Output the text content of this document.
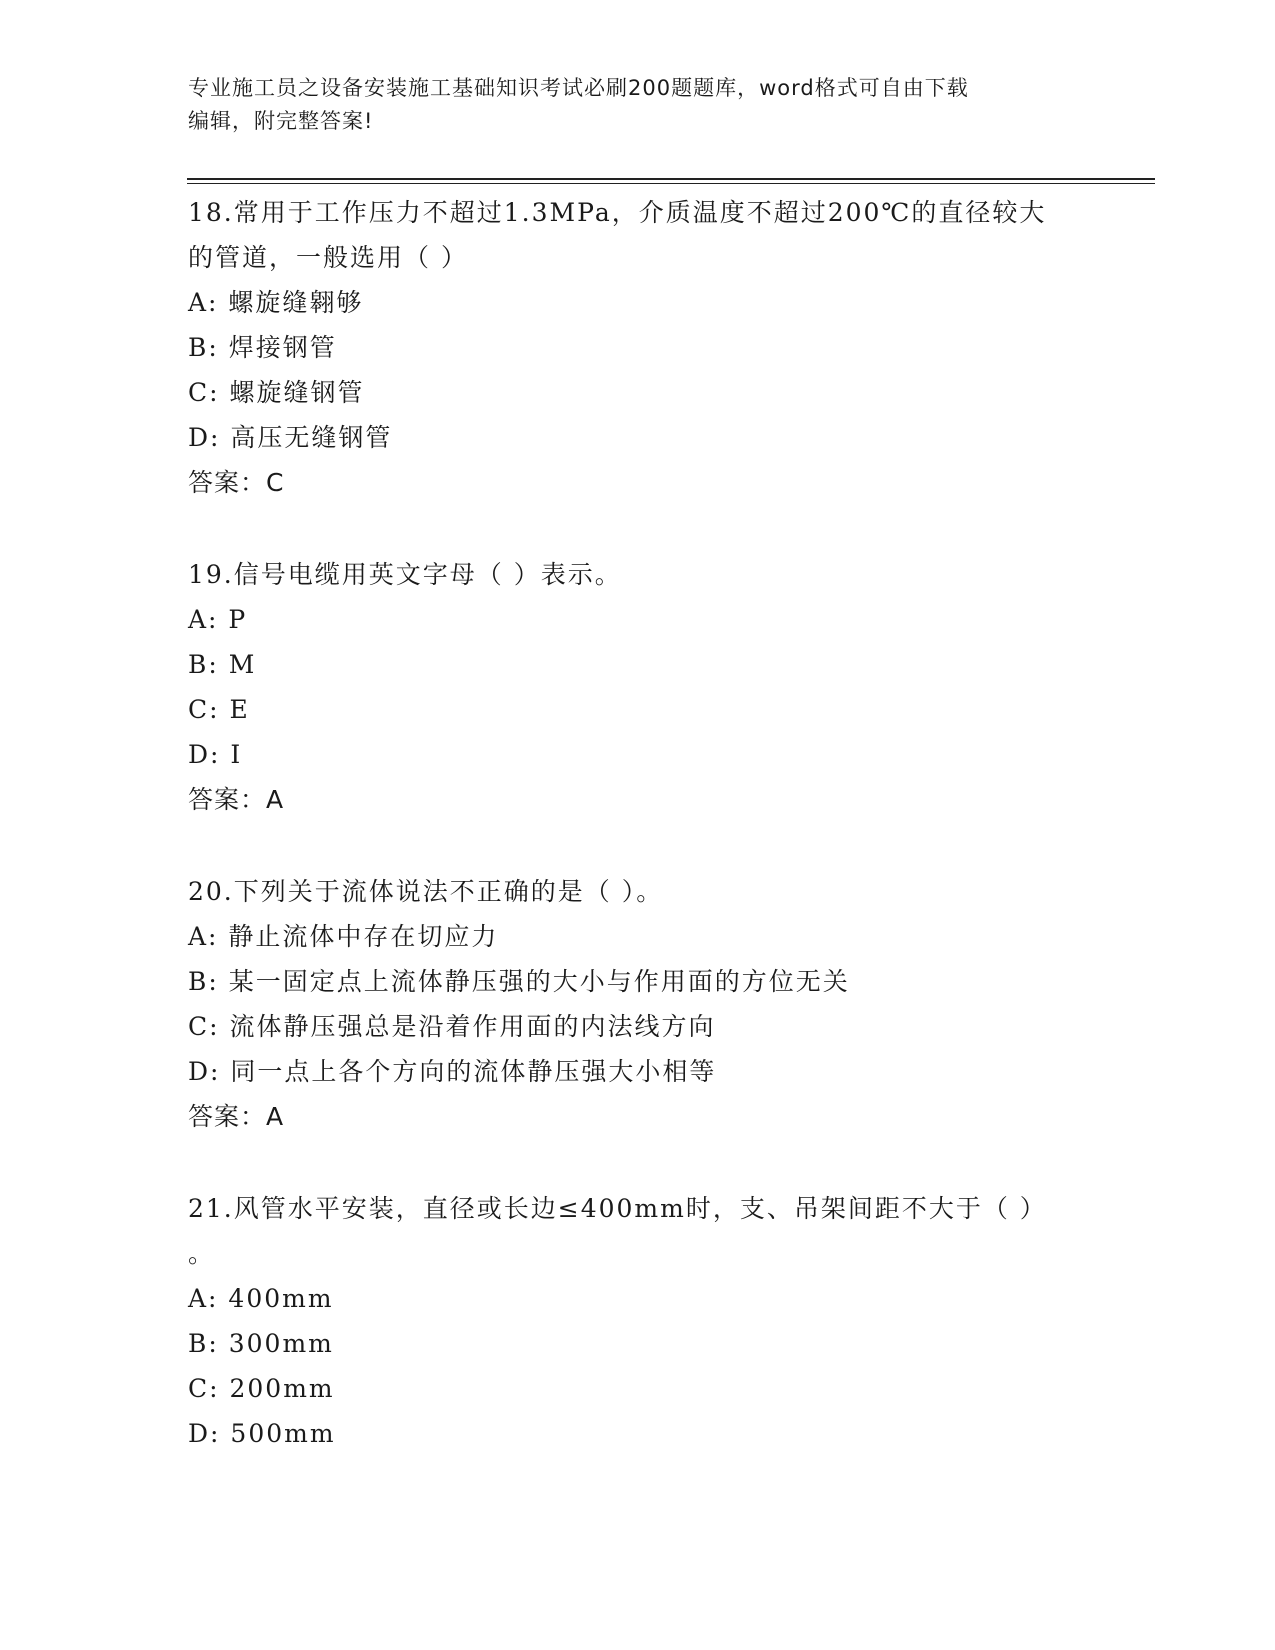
专业施工员之设备安装施工基础知识考试必刷200题题库，word格式可自由下载
编辑，附完整答案!
18.常用于工作压力不超过1.3MPa，介质温度不超过200℃的直径较大
的管道，一般选用（ ）
A: 螺旋缝翱够
B: 焊接钢管
C: 螺旋缝钢管
D: 高压无缝钢管
答案：C
19.信号电缆用英文字母（ ）表示。
A: P
B: M
C: E
D: I
答案：A
20.下列关于流体说法不正确的是（ ）。
A: 静止流体中存在切应力
B: 某一固定点上流体静压强的大小与作用面的方位无关
C: 流体静压强总是沿着作用面的内法线方向
D: 同一点上各个方向的流体静压强大小相等
答案：A
21.风管水平安装，直径或长边≤400mm时，支、吊架间距不大于（ ）
。
A: 400mm
B: 300mm
C: 200mm
D: 500mm
